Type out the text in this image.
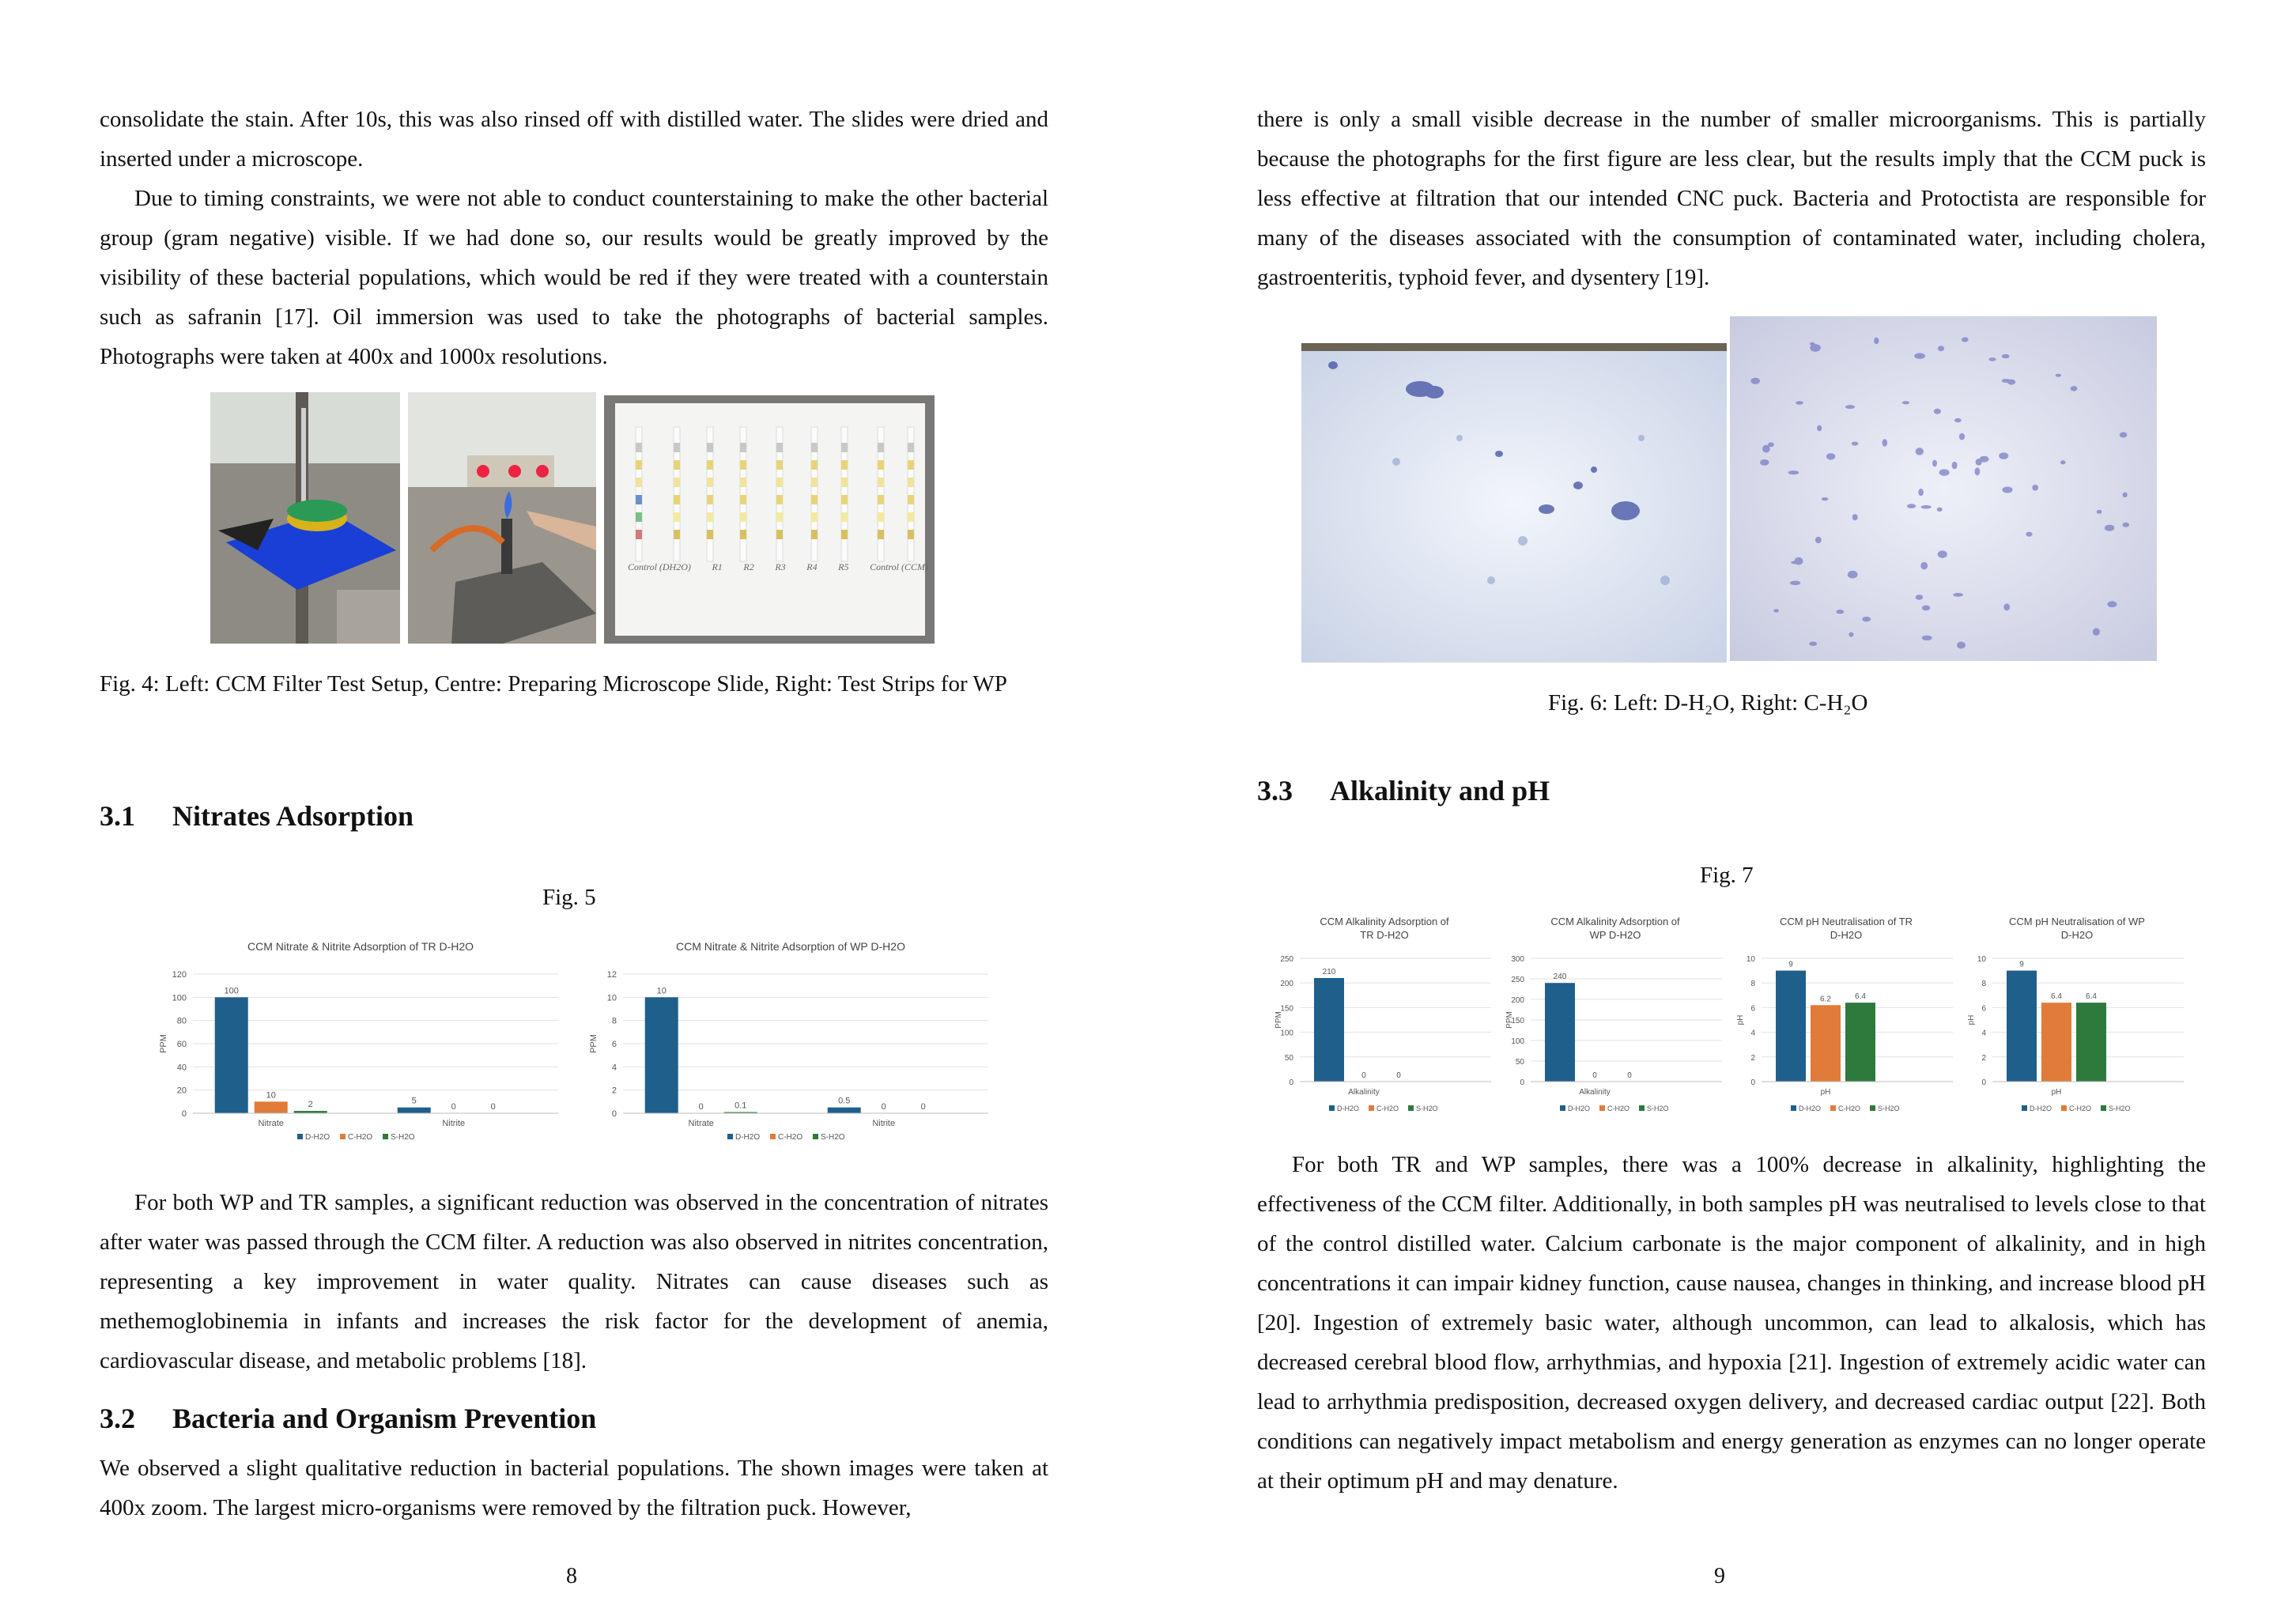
consolidate the stain. After 10s, this was also rinsed off with distilled water. The slides were dried and inserted under a microscope.

Due to timing constraints, we were not able to conduct counterstaining to make the other bacterial group (gram negative) visible. If we had done so, our results would be greatly improved by the visibility of these bacterial populations, which would be red if they were treated with a counterstain such as safranin [17]. Oil immersion was used to take the photographs of bacterial samples. Photographs were taken at 400x and 1000x resolutions.

Control (DH2O) R1 R2 R3 R4 R5 Control (CCM)

Fig. 4: Left: CCM Filter Test Setup, Centre: Preparing Microscope Slide, Right: Test Strips for WP

3.1 Nitrates Adsorption
Fig. 5
CCM Nitrate & Nitrite Adsorption of TR D-H2O
0
20
40
60
80
100
120
PPM
100
10
2
Nitrate
5
0	0
Nitrite
D-H2O C-H2O S-H2O
CCM Nitrate & Nitrite Adsorption of WP D-H2O
0
2
4
6
8
10
12
PPM
10
0	0.1
Nitrate
0.5
0	0
Nitrite
D-H2O C-H2O S-H2O

For both WP and TR samples, a significant reduction was observed in the concentration of nitrates after water was passed through the CCM filter. A reduction was also observed in nitrites concentration, representing a key improvement in water quality. Nitrates can cause diseases such as methemoglobinemia in infants and increases the risk factor for the development of anemia, cardiovascular disease, and metabolic problems [18].

3.2 Bacteria and Organism Prevention

We observed a slight qualitative reduction in bacterial populations. The shown images were taken at 400x zoom. The largest micro-organisms were removed by the filtration puck. However,

8

there is only a small visible decrease in the number of smaller microorganisms. This is partially because the photographs for the first figure are less clear, but the results imply that the CCM puck is less effective at filtration that our intended CNC puck. Bacteria and Protoctista are responsible for many of the diseases associated with the consumption of contaminated water, including cholera, gastroenteritis, typhoid fever, and dysentery [19].

Fig. 6: Left: D-H₂O, Right: C-H₂O
3.3 Alkalinity and pH
Fig. 7
CCM Alkalinity Adsorption of
TR D-H2O
0
50
100
150
200
250
PPM
210
0	0
Alkalinity
D-H2O C-H2O S-H2O
CCM Alkalinity Adsorption of
WP D-H2O
0
50
100
150
200
250
300
PPM
240
0	0
Alkalinity
D-H2O C-H2O S-H2O
CCM pH Neutralisation of TR
D-H2O
0
2
4
6
8
10
pH
9
6.2	6.4
pH
D-H2O C-H2O S-H2O
CCM pH Neutralisation of WP
D-H2O
0
2
4
6
8
10
pH
9
6.4	6.4
pH
D-H2O C-H2O S-H2O

For both TR and WP samples, there was a 100% decrease in alkalinity, highlighting the effectiveness of the CCM filter. Additionally, in both samples pH was neutralised to levels close to that of the control distilled water. Calcium carbonate is the major component of alkalinity, and in high concentrations it can impair kidney function, cause nausea, changes in thinking, and increase blood pH [20]. Ingestion of extremely basic water, although uncommon, can lead to alkalosis, which has decreased cerebral blood flow, arrhythmias, and hypoxia [21]. Ingestion of extremely acidic water can lead to arrhythmia predisposition, decreased oxygen delivery, and decreased cardiac output [22]. Both conditions can negatively impact metabolism and energy generation as enzymes can no longer operate at their optimum pH and may denature.

9
